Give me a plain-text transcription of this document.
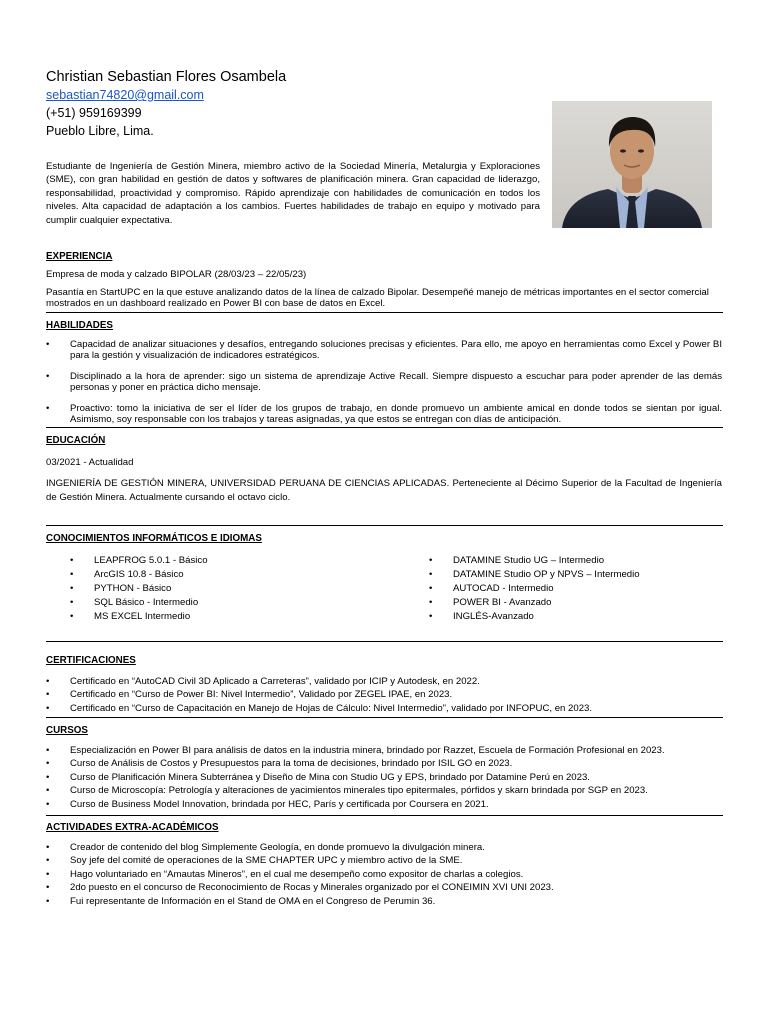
Christian Sebastian Flores Osambela
sebastian74820@gmail.com
(+51) 959169399
Pueblo Libre, Lima.
Estudiante de Ingeniería de Gestión Minera, miembro activo de la Sociedad Minería, Metalurgia y Exploraciones (SME), con gran habilidad en gestión de datos y softwares de planificación minera. Gran capacidad de liderazgo, responsabilidad, proactividad y compromiso. Rápido aprendizaje con habilidades de comunicación en todos los niveles. Alta capacidad de adaptación a los cambios. Fuertes habilidades de trabajo en equipo y motivado para cumplir cualquier expectativa.
EXPERIENCIA
Empresa de moda y calzado BIPOLAR (28/03/23 – 22/05/23)
Pasantía en StartUPC en la que estuve analizando datos de la línea de calzado Bipolar. Desempeñé manejo de métricas importantes en el sector comercial mostrados en un dashboard realizado en Power BI con base de datos en Excel.
HABILIDADES
• Capacidad de analizar situaciones y desafíos, entregando soluciones precisas y eficientes. Para ello, me apoyo en herramientas como Excel y Power BI para la gestión y visualización de indicadores estratégicos.
• Disciplinado a la hora de aprender: sigo un sistema de aprendizaje Active Recall. Siempre dispuesto a escuchar para poder aprender de las demás personas y poner en práctica dicho mensaje.
• Proactivo: tomo la iniciativa de ser el líder de los grupos de trabajo, en donde promuevo un ambiente amical en donde todos se sientan por igual. Asimismo, soy responsable con los trabajos y tareas asignadas, ya que estos se entregan con días de anticipación.
EDUCACIÓN
03/2021 - Actualidad
INGENIERÍA DE GESTIÓN MINERA, UNIVERSIDAD PERUANA DE CIENCIAS APLICADAS. Perteneciente al Décimo Superior de la Facultad de Ingeniería de Gestión Minera. Actualmente cursando el octavo ciclo.
CONOCIMIENTOS INFORMÁTICOS E IDIOMAS
• LEAPFROG 5.0.1 - Básico
• ArcGIS 10.8 - Básico
• PYTHON - Básico
• SQL Básico - Intermedio
• MS EXCEL Intermedio
• DATAMINE Studio UG – Intermedio
• DATAMINE Studio OP y NPVS – Intermedio
• AUTOCAD - Intermedio
• POWER BI - Avanzado
• INGLÉS-Avanzado
CERTIFICACIONES
• Certificado en “AutoCAD Civil 3D Aplicado a Carreteras”, validado por ICIP y Autodesk, en 2022.
• Certificado en “Curso de Power BI: Nivel Intermedio”, Validado por ZEGEL IPAE, en 2023.
• Certificado en “Curso de Capacitación en Manejo de Hojas de Cálculo: Nivel Intermedio”, validado por INFOPUC, en 2023.
CURSOS
• Especialización en Power BI para análisis de datos en la industria minera, brindado por Razzet, Escuela de Formación Profesional en 2023.
• Curso de Análisis de Costos y Presupuestos para la toma de decisiones, brindado por ISIL GO en 2023.
• Curso de Planificación Minera Subterránea y Diseño de Mina con Studio UG y EPS, brindado por Datamine Perú en 2023.
• Curso de Microscopía: Petrología y alteraciones de yacimientos minerales tipo epitermales, pórfidos y skarn brindada por SGP en 2023.
• Curso de Business Model Innovation, brindada por HEC, París y certificada por Coursera en 2021.
ACTIVIDADES EXTRA-ACADÉMICOS
• Creador de contenido del blog Simplemente Geología, en donde promuevo la divulgación minera.
• Soy jefe del comité de operaciones de la SME CHAPTER UPC y miembro activo de la SME.
• Hago voluntariado en “Amautas Mineros”, en el cual me desempeño como expositor de charlas a colegios.
• 2do puesto en el concurso de Reconocimiento de Rocas y Minerales organizado por el CONEIMIN XVI UNI 2023.
• Fui representante de Información en el Stand de OMA en el Congreso de Perumin 36.
